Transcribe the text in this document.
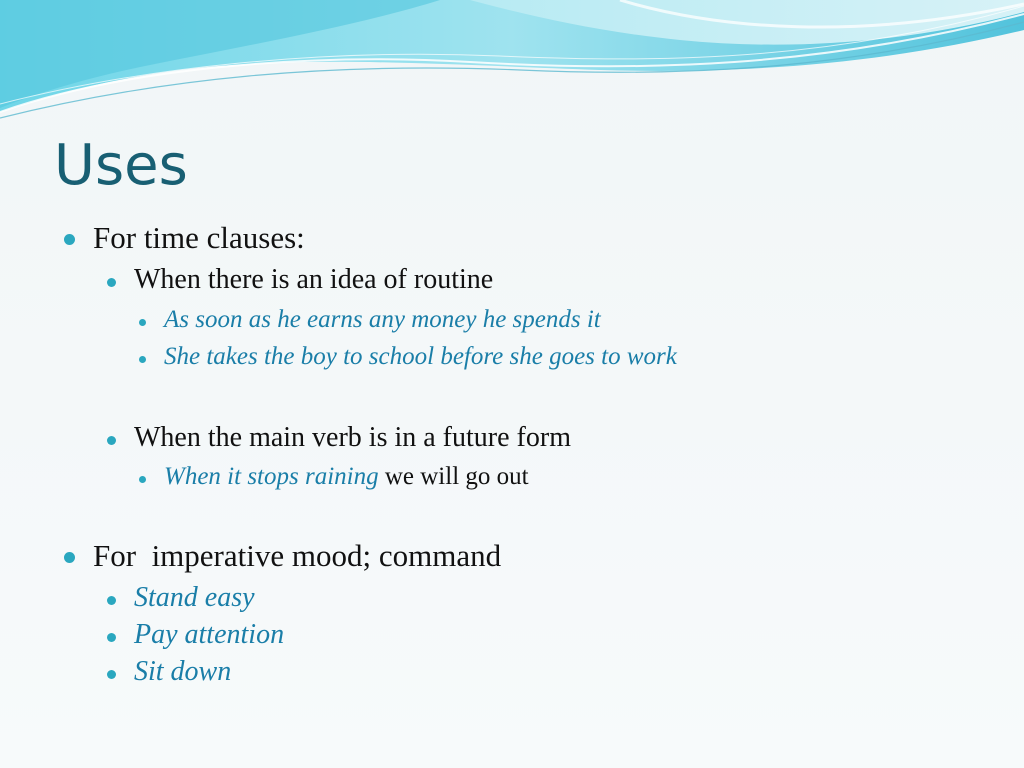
Uses
For time clauses:
When there is an idea of routine
As soon as he earns any money he spends it
She takes the boy to school before she goes to work
When the main verb is in a future form
When it stops raining we will go out
For  imperative mood; command
Stand easy
Pay attention
Sit down
